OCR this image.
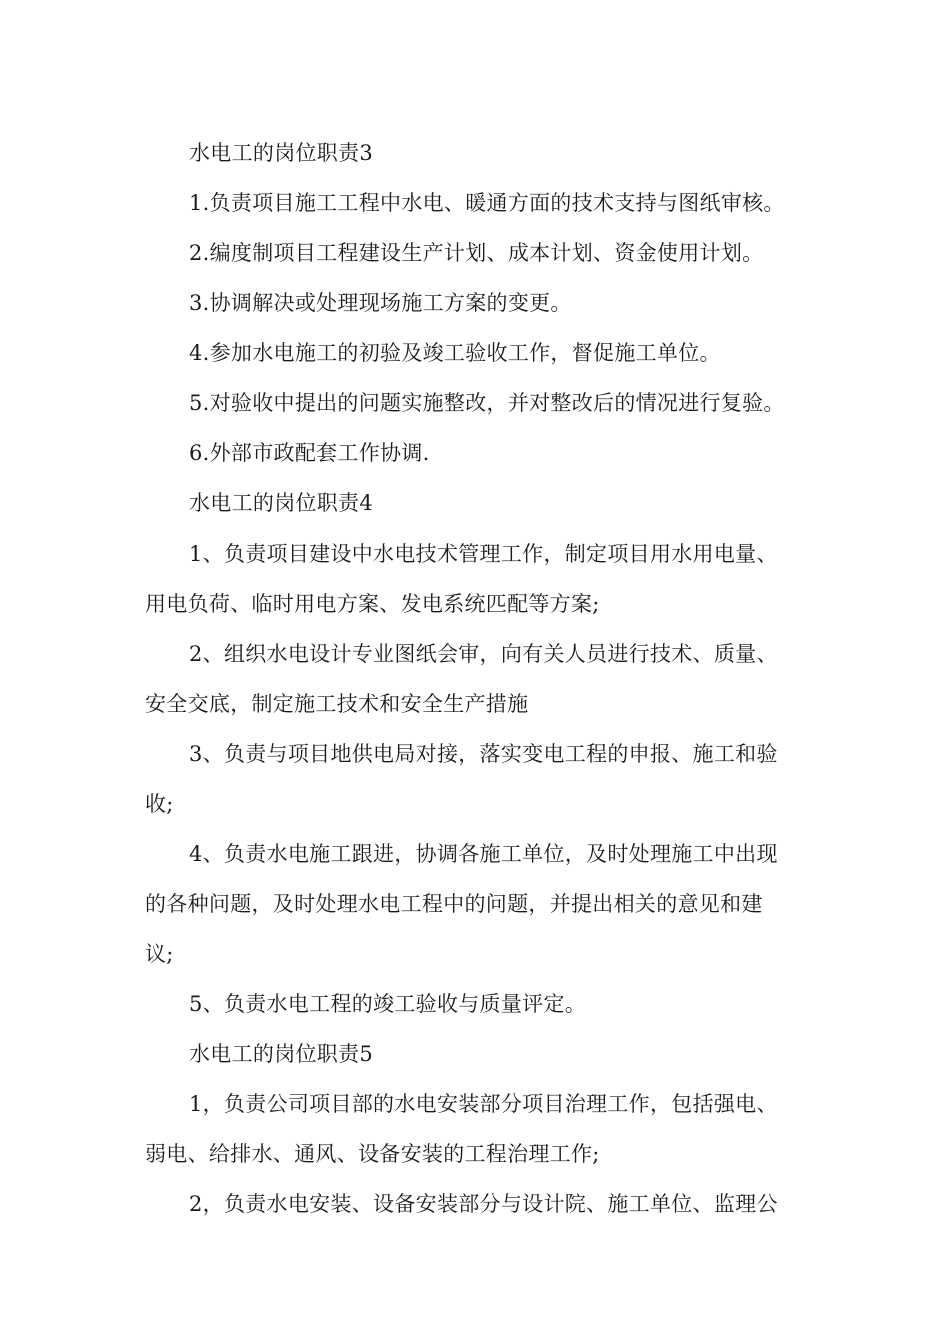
水电工的岗位职责3
1.负责项目施工工程中水电、暖通方面的技术支持与图纸审核。
2.编度制项目工程建设生产计划、成本计划、资金使用计划。
3.协调解决或处理现场施工方案的变更。
4.参加水电施工的初验及竣工验收工作，督促施工单位。
5.对验收中提出的问题实施整改，并对整改后的情况进行复验。
6.外部市政配套工作协调.
水电工的岗位职责4
1、负责项目建设中水电技术管理工作，制定项目用水用电量、
用电负荷、临时用电方案、发电系统匹配等方案;
2、组织水电设计专业图纸会审，向有关人员进行技术、质量、
安全交底，制定施工技术和安全生产措施
3、负责与项目地供电局对接，落实变电工程的申报、施工和验
收;
4、负责水电施工跟进，协调各施工单位，及时处理施工中出现
的各种问题，及时处理水电工程中的问题，并提出相关的意见和建
议;
5、负责水电工程的竣工验收与质量评定。
水电工的岗位职责5
1，负责公司项目部的水电安装部分项目治理工作，包括强电、
弱电、给排水、通风、设备安装的工程治理工作;
2，负责水电安装、设备安装部分与设计院、施工单位、监理公
